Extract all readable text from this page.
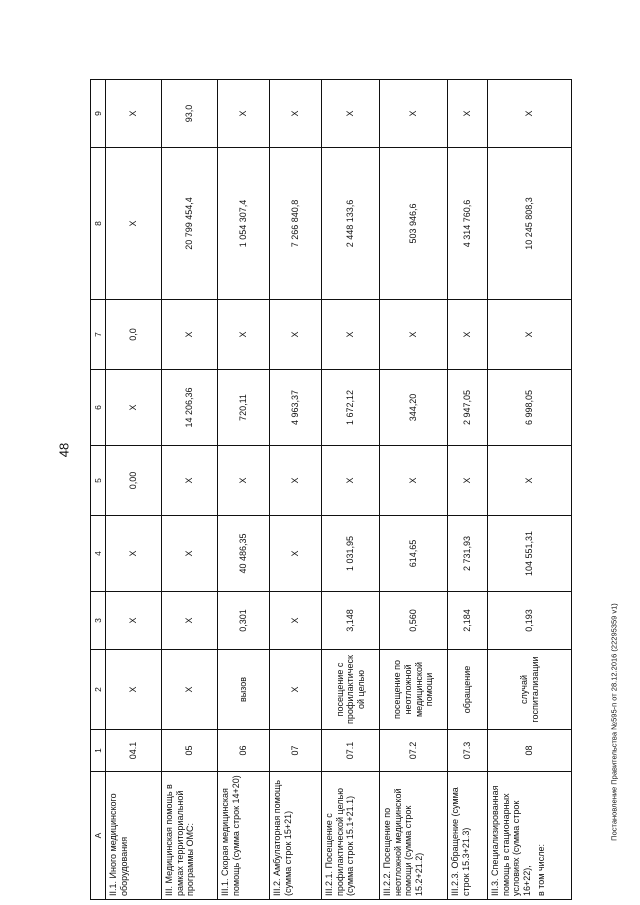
48
Постановление Правительства №595-п от 28.12.2016 (22295359 v1)
А	1	2	3	4	5	6	7	8	9
II.1. Иного медицинского оборудования	04.1	X	X	X	0,00	X	0,0	X	X
III. Медицинская помощь в рамках территориальной программы ОМС:	05	X	X	X	X	14 206,36	X	20 799 454,4	93,0
III.1. Скорая медицинская помощь (сумма строк 14+20)	06	вызов	0,301	40 486,35	X	720,11	X	1 054 307,4	X
III.2. Амбулаторная помощь (сумма строк 15+21)	07	X	X	X	X	4 963,37	X	7 266 840,8	X
III.2.1. Посещение с профилактической целью (сумма строк 15.1+21.1)	07.1	посещение с профилактическ ой целью	3,148	1 031,95	X	1 672,12	X	2 448 133,6	X
III.2.2. Посещение по неотложной медицинской помощи (сумма строк 15.2+21.2)	07.2	посещение по неотложной медицинской помощи	0,560	614,65	X	344,20	X	503 946,6	X
III.2.3. Обращение (сумма строк 15.3+21.3)	07.3	обращение	2,184	2 731,93	X	2 947,05	X	4 314 760,6	X
III.3. Специализированная помощь в стационарных условиях (сумма строк 16+22), в том числе:	08	случай госпитализации	0,193	104 551,31	X	6 998,05	X	10 245 808,3	X
